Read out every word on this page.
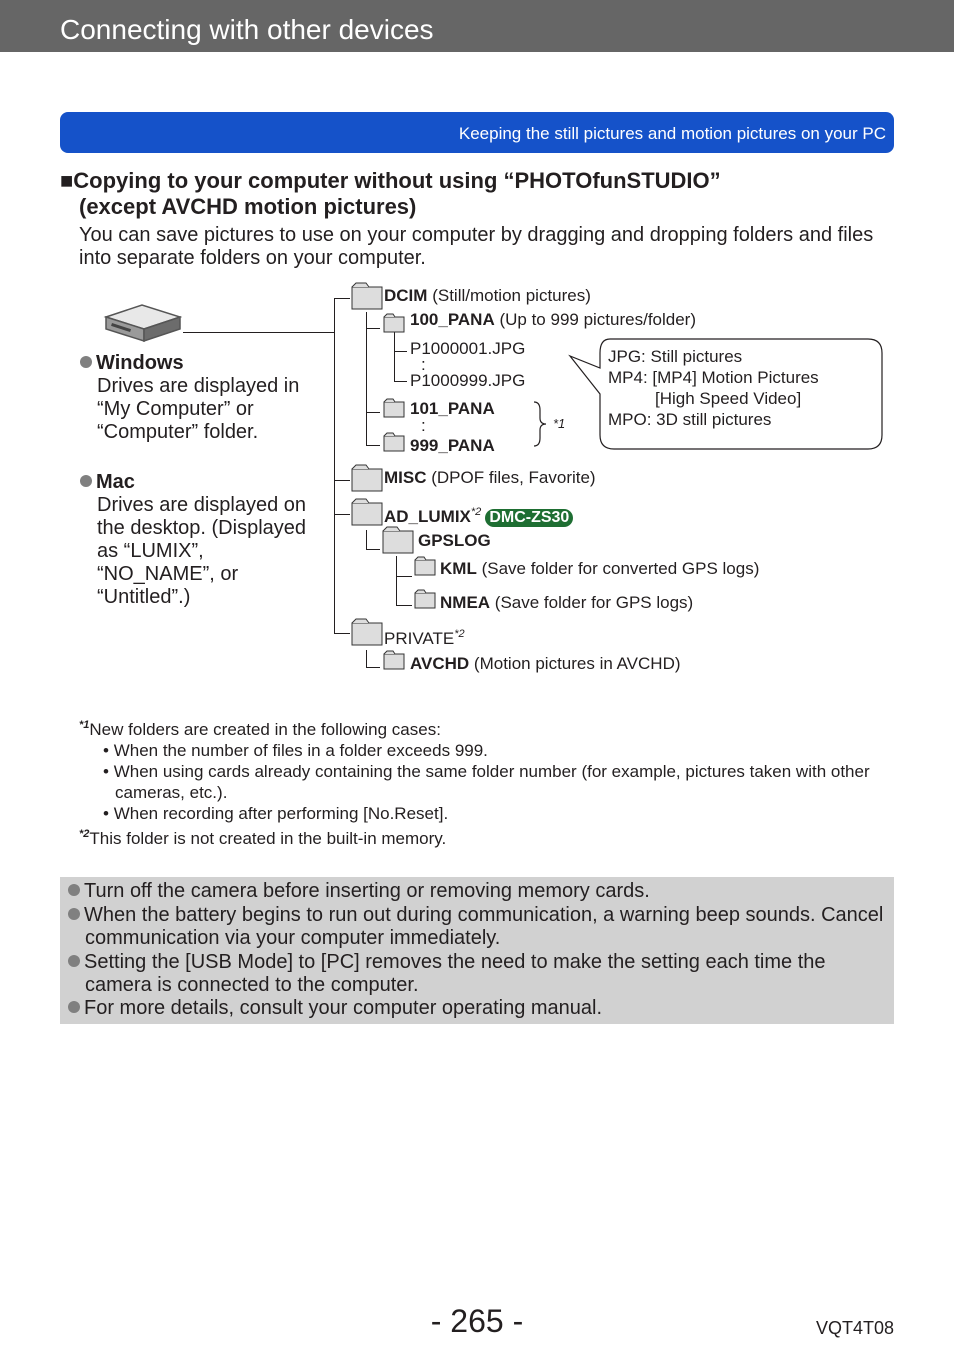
Connecting with other devices
Keeping the still pictures and motion pictures on your PC
■Copying to your computer without using “PHOTOfunSTUDIO”
(except AVCHD motion pictures)
You can save pictures to use on your computer by dragging and dropping folders and files into separate folders on your computer.
Windows
Drives are displayed in “My Computer” or “Computer” folder.
Mac
Drives are displayed on the desktop. (Displayed as “LUMIX”, “NO_NAME”, or “Untitled”.)
DCIM (Still/motion pictures)
100_PANA (Up to 999 pictures/folder)
P1000001.JPG
:
P1000999.JPG
101_PANA
:
999_PANA
*1
MISC (DPOF files, Favorite)
AD_LUMIX$^{*2}$ DMC-ZS30
GPSLOG
KML (Save folder for converted GPS logs)
NMEA (Save folder for GPS logs)
PRIVATE$^{*2}$
AVCHD (Motion pictures in AVCHD)
JPG: Still pictures
MP4: [MP4] Motion Pictures
[High Speed Video]
MPO: 3D still pictures
$^{*1}$New folders are created in the following cases:
• When the number of files in a folder exceeds 999.
• When using cards already containing the same folder number (for example, pictures taken with other cameras, etc.).
• When recording after performing [No.Reset].
$^{*2}$This folder is not created in the built-in memory.
Turn off the camera before inserting or removing memory cards.
When the battery begins to run out during communication, a warning beep sounds. Cancel communication via your computer immediately.
Setting the [USB Mode] to [PC] removes the need to make the setting each time the camera is connected to the computer.
For more details, consult your computer operating manual.
- 265 -	VQT4T08
